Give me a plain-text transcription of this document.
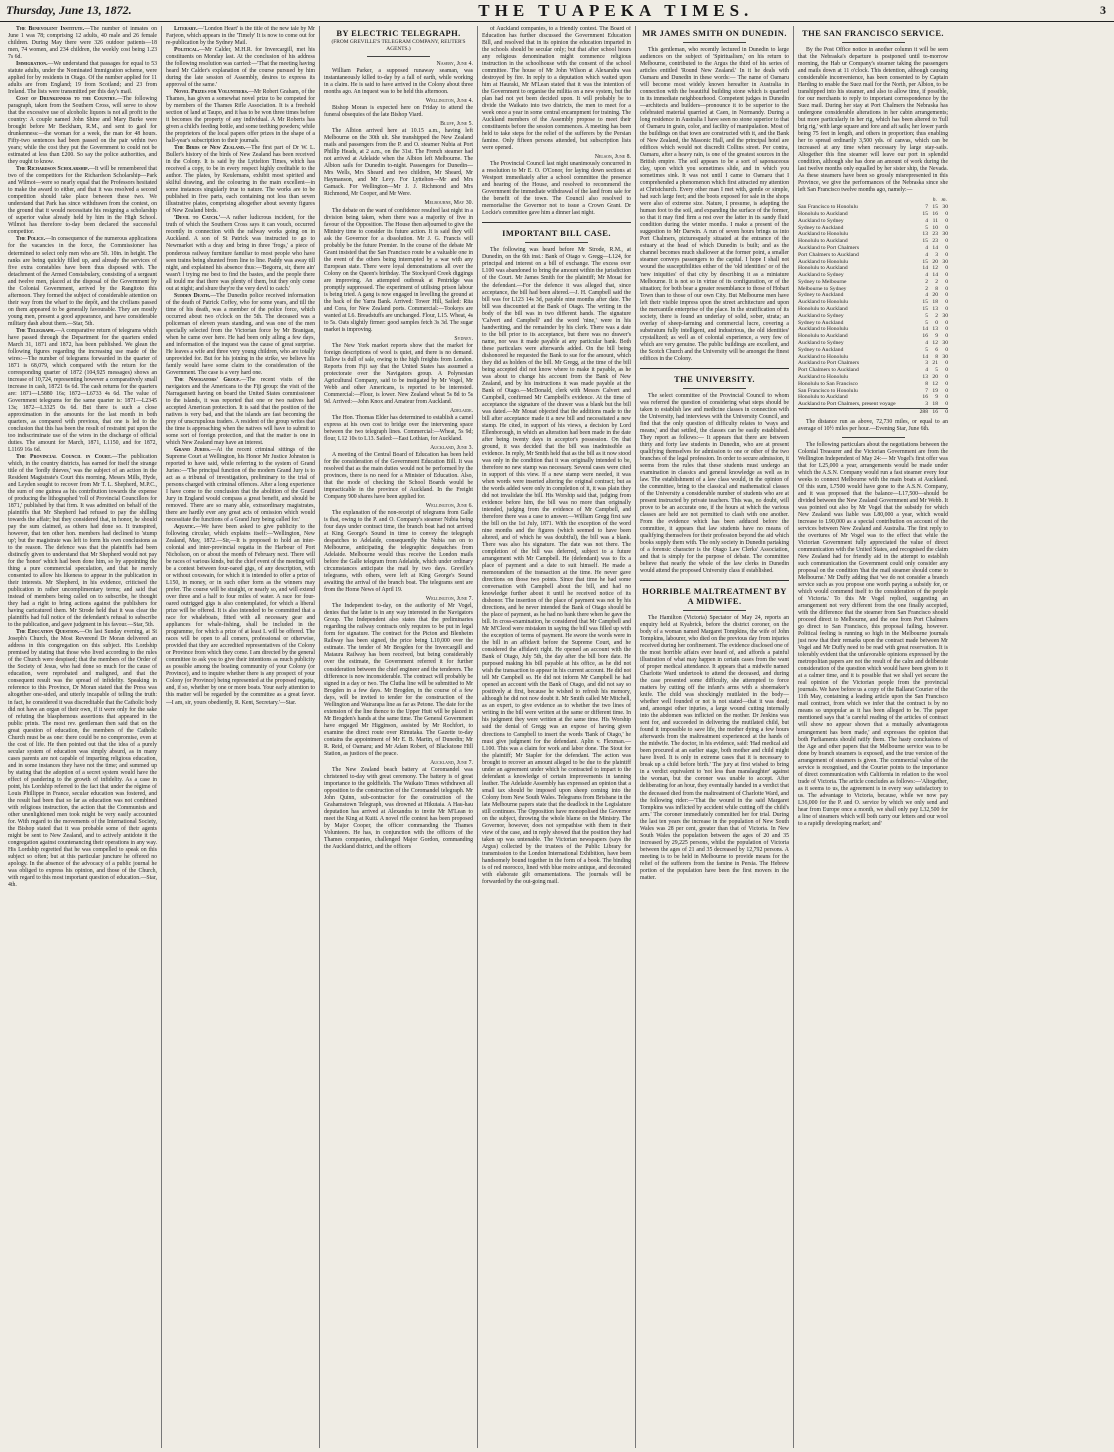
Thursday, June 13, 1872.	THE TUAPEKA TIMES.	3

The Benevolent Institute.—The number of inmates on June 1 was 78; comprising 12 adults, 40 male and 26 female children. During May there were 326 outdoor patients—18 men, 74 women, and 234 children, the weekly cost being 1.23 7s 6d.

Immigration.—We understand that passages for equal to 53 statute adults, under the Nominated Immigration scheme, were applied for by residents in Otago. Of the number applied for 11 adults are from England; 19 from Scotland; and 23 from Ireland. The lists were transmitted per this day's mail.

Cost of Drunkenness to the Country.—The following paragraph, taken from the Southern Cross, will serve to show that the excessive use of alcoholic liquors is not all profit to the country: A couple named John Shine and Mary Burke were brought before Mr Beckham, R.M., and sent to gaol for drunkenness:—the woman for a week, the man for 48 hours. Fifty-two sentences had been passed on the pair within two years; while the cost they put the Government to could not be estimated at less than £200. So say the police authorities, and they ought to know.

The Richardson Scholarship.—It will be remembered that two of the competitors for the Richardson Scholarship—Park and Wilmot—were so nearly equal that the Professors hesitated to make the award to either, and that it was resolved a second competition should take place between these two. We understand that Park has since withdrawn from the contest, on the ground that it would necessitate his resigning a scholarship of superior value already held by him in the High School. Wilmot has therefore to-day been declared the successful competitor.

The Police.—In consequence of the numerous applications for the vacancies in the force, the Commissioner has determined to select only men who are 5ft. 10in. in height. The ranks are being quickly filled up, and already the services of five extra constables have been thus disposed with. The detachment of the Armed Constabulary, consisting of a sergeant and twelve men, placed at the disposal of the Government by the Colonial Government, arrived by the Rangitoto this afternoon. They formed the subject of considerable attention on their way from the wharf to the depôt, and the civilians passed on them appeared to be generally favourable. They are mostly young men, present a good appearance, and have considerable military dash about them.—Star, 5th.

The Telegraph.—A comparative return of telegrams which have passed through the Department for the quarters ended March 31, 1871 and 1872, has been published. We glean the following figures regarding the increasing use made of the wires:—The number of telegrams forwarded in the quarter of 1871 is 68,079, which compared with the return for the corresponding quarter of 1872 (104,925 messages) shows an increase of 10,724, representing however a comparatively small increase in cash, 18721 6s 6d. The cash returns for the quarters are: 1871—L5880 16s; 1872—L6733 4s 6d. The value of Government telegrams for the same quarter is: 1871—L2345 13s; 1872—L3325 0s 6d. But there is such a close approximation in the amounts for the last month in both quarters, as compared with previous, that one is led to the conclusion that this has been the result of restraint put upon the too indiscriminate use of the wires in the discharge of official duties. The amount for March, 1871, L1150, and for 1872, L1169 16s 6d.

The Provincial Council in Court.—The publication which, in the country districts, has earned for itself the strange title of the 'lordly thieves,' was the subject of an action in the Resident Magistrate's Court this morning. Messrs Mills, Hyde, and Leyden sought to recover from Mr T. L. Shepherd, M.P.C., the sum of one guinea as his contribution towards the expense of producing the lithographed 'roll of Provincial Councillors for 1871,' published by that firm. It was admitted on behalf of the plaintiffs that Mr Shepherd had refused to pay the shilling towards the affair; but they considered that, in honor, he should pay the sum claimed, as others had done so. It transpired, however, that ten other hon. members had declined to 'stump up'; but the magistrate was left to form his own conclusions as to the reason. The defence was that the plaintiffs had been distinctly given to understand that Mr Shepherd would not pay for the 'honor' which had been done him, so by appointing the thing a pure commercial speculation, and that he merely consented to allow his likeness to appear in the publication in their interests. Mr Shepherd, in his evidence, criticised the publication in rather uncomplimentary terms; and said that instead of members being called on to subscribe, he thought they had a right to bring actions against the publishers for having caricatured them. Mr Strode held that it was clear the plaintiffs had full notice of the defendant's refusal to subscribe to the publication, and gave judgment in his favour.—Star, 5th.

The Education Question.—On last Sunday evening, at St Joseph's Church, the Most Reverend Dr Moran delivered an address in this congregation on this subject. His Lordship premised by stating that those who lived according to the rules of the Church were despised; that the members of the Order of the Society of Jesus, who had done so much for the cause of education, were reprobated and maligned, and that the consequent result was the spread of infidelity. Speaking in reference to this Province, Dr Moran stated that the Press was altogether one-sided, and utterly incapable of telling the truth: in fact, he considered it was discreditable that the Catholic body did not have an organ of their own, if it were only for the sake of refuting the blasphemous assertions that appeared in the public prints. The most rev. gentleman then said that on the great question of education, the members of the Catholic Church must be as one: there could be no compromise, even at the cost of life. He then pointed out that the idea of a purely secular system of education was simply absurd, as in many cases parents are not capable of imparting religious education, and in some instances they have not the time; and summed up by stating that the adoption of a secret system would have the effect of pandering to the growth of infidelity. As a case in point, his Lordship referred to the fact that under the régime of Louis Phillippe in France, secular education was fostered, and the result had been that so far as education was not combined with religious instruction, the action that the Communists and other unenlightened men took might be very easily accounted for. With regard to the movements of the International Society, the Bishop stated that it was probable some of their agents might be sent to New Zealand, and to actively antidote it the congregation against countenancing their operations in any way. His Lordship regretted that he was compelled to speak on this subject so often; but at this particular juncture he offered no apology. In the absence of the advocacy of a public journal he was obliged to express his opinion, and those of the Church, with regard to this most important question of education.—Star, 4th.

Literary.—'London Heart' is the title of the new tale by Mr Farjeon, which appears in the 'Timely' It is now to come out for re-publication by the Sydney Mail.

Political.—Mr Calder, M.H.R. for Invercargill, met his constituents on Monday last. At the conclusion of his address the following resolution was carried:—'That the meeting having heard Mr Calder's explanation of the course pursued by him during the late session of Assembly, desires to express its approval of the same.'

Novel Prizes for Volunteers.—Mr Robert Graham, of the Thames, has given a somewhat novel prize to be competed for by members of the Thames Rifle Association. It is a freehold section of land at Taupo, and it has to be won three times before it becomes the property of any individual. A Mr Roberts has given a child's feeding bottle, and some teething powders; while the proprietors of the local papers offer prizes in the shape of a half-year's subscription to their journals.

The Birds of New Zealand.—The first part of Dr W. L. Buller's history of the birds of New Zealand has been received in the Colony. It is said by the Lyttelton Times, which has received a copy, to be in every respect highly creditable to the author. The plates, by Keulemans, exhibit most spirited and skilful drawing, and the colouring in the main excellent—in some instances singularly true to nature. The works are to be published in five parts, each containing not less than seven illustrative plates, comprising altogether about seventy figures of New Zealand birds.

'Devil to Catch.'—A rather ludicrous incident, for the truth of which the Southern Cross says it can vouch, occurred recently in connection with the railway works going on in Auckland. A son of St Patrick was instructed to go to Newmarket with a dray and bring in three 'frogs,' a piece of ponderous railway furniture familiar to most people who have seen trains being shunted from line to line. Paddy was away till night, and explained his absence thus:—'Begorra, sir, there ain' wasn't l trying me best to find the bastes, and the people there all tould me that there was plenty of them, but they only come out at night; and shure they're the very devil to catch.'

Sudden Death.—The Dunedin police received information of the death of Patrick Coffey, who for some years, and till the time of his death, was a member of the police force, which occurred about two o'clock on the 5th. The deceased was a policeman of eleven years standing, and was one of the men specially selected from the Victorian force by Mr Branigan, when he came over here. He had been only ailing a few days, and information of the inquest was the cause of great surprise. He leaves a wife and three very young children, who are totally unprovided for. But for his joining in the strike, we believe his family would have some claim to the consideration of the Government. The case is a very hard one.

The Navigators' Group.—The recent visits of the navigators and the Americans to the Fiji group: the visit of the Narragansett having on board the United States commissioner to the islands, it was reported that one or two natives had accepted American protection. It is said that the position of the natives is very bad, and that the islands are fast becoming the prey of unscrupulous traders. A resident of the group writes that the time is approaching when the natives will have to submit to some sort of foreign protection, and that the matter is one in which New Zealand may have an interest.

Grand Juries.—At the recent criminal sittings of the Supreme Court at Wellington, his Honor Mr Justice Johnston is reported to have said, while referring to the system of Grand Juries:—'The principal function of the modern Grand Jury is to act as a tribunal of investigation, preliminary to the trial of persons charged with criminal offences. After a long experience I have come to the conclusion that the abolition of the Grand Jury in England would compass a great benefit, and should be removed. There are so many able, extraordinary magistrates, there are hardly ever any great acts of omission which would necessitate the functions of a Grand Jury being called for.'

Aquatic.—We have been asked to give publicity to the following circular, which explains itself:—'Wellington, New Zealand, May, 1872.—Sir,—It is proposed to hold an inter-colonial and inter-provincial regatta in the Harbour of Port Nicholson, on or about the month of February next. There will be races of various kinds, but the chief event of the meeting will be a contest between four-oared gigs, of any description, with or without coxswain, for which it is intended to offer a prize of L150, in money, or in such other form as the winners may prefer. The course will be straight, or nearly so, and will extend over three and a half to four miles of water. A race for four-oared outrigged gigs is also contemplated, for which a liberal prize will be offered. It is also intended to be committed that a race for whaleboats, fitted with all necessary gear and appliances for whale-fishing, shall be included in the programme, for which a prize of at least L will be offered. The races will be open to all comers, professional or otherwise, provided that they are accredited representatives of the Colony or Province from which they come. I am directed by the general committee to ask you to give their intentions as much publicity as possible among the boating community of your Colony (or Province), and to inquire whether there is any prospect of your Colony (or Province) being represented at the proposed regatta, and, if so, whether by one or more boats. Your early attention to this matter will be regarded by the committee as a great favor.—I am, sir, yours obediently, R. Kent, Secretary.'—Star.

BY ELECTRIC TELEGRAPH.
(FROM GREVILLE'S TELEGRAM COMPANY, REUTER'S AGENTS.)
Naseby, June 4.

William Parker, a supposed runaway seaman, was instantaneously killed to-day by a fall of earth, while working in a claim. He is said to have arrived in the Colony about three months ago. An inquest was to be held this afternoon.

Wellington, June 4.

Bishop Moran is expected here on Friday to attend the funeral obsequies of the late Bishop Viard.

Bluff, June 5.

The Albion arrived here at 10.15 a.m., having left Melbourne on the 30th ult. She transhipped the New Zealand mails and passengers from the P. and O. steamer Nubia at Port Phillip Heads, at 2 a.m., on the 31st. The French steamer had not arrived at Adelaide when the Albion left Melbourne. The Albion sails for Dunedin to-night. Passengers for Dunedin—Mrs Wells, Mrs Sheard and two children, Mr Sheard, Mr Haymanson, and Mr Levy. For Lyttelton—Mr and Mrs Gamack. For Wellington—Mr J. J. Richmond and Mrs Richmond, Mr Cooper, and Mr Were.

Melbourne, May 30.

The debate on the want of confidence resulted last night in a division being taken, when there was a majority of five in favour of the Opposition. The House then adjourned to give the Ministry time to consider its future action. It is said they will ask the Governor for a dissolution. Mr J. G. Francis will probably be the future Premier. In the course of the debate Mr Grant insisted that the San Francisco route be a valuable one in the event of the others being interrupted by a war with any European state. There were loyal demonstrations all over the Colony on the Queen's birthday. The Stockyard Creek diggings are improving. An attempted outbreak at Pentridge was promptly suppressed. The experiment of utilising prison labour is being tried. A gang is now engaged in levelling the ground at the back of the Yarra Bank. Arrived: Tower Hill, Sailed: Rita and Cora, for New Zealand ports. Commercial:—Tookeys are wanted at L6. Breadstuffs are unchanged. Flour, L15. Wheat, 4s to 5s. Oats slightly firmer: good samples fetch 3s 3d. The sugar market is improving.

Sydney.

The New York market reports show that the market for foreign descriptions of wool is quiet, and there is no demand. Tallow is dull of sale, owing to the high freights from London. Reports from Fiji say that the United States has assumed a protectorate over the Navigators group. A Polynesian Agricultural Company, said to be instigated by Mr Vogel, Mr Webb and other Americans, is reported to be interested. Commercial:—Flour, is lower. New Zealand wheat 5s 8d to 5s 9d. Arrived:—John Knox and Amateur from Auckland.

Adelaide.

The Hon. Thomas Elder has determined to establish a camel express at his own cost to bridge over the intervening space between the two telegraph lines. Commercial:—Wheat, 5s 9d; flour, L12 10s to L13. Sailed:—East Lothian, for Auckland.

Auckland, June 3.

A meeting of the Central Board of Education has been held for the consideration of the Government Education Bill. It was resolved that as the main duties would not be performed by the provinces, there is no need for a Minister of Education. Also, that the mode of checking the School Boards would be impracticable in the province of Auckland. In the Freight Company 900 shares have been applied for.

Wellington, June 6.

The explanation of the non-receipt of telegrams from Galle is that, owing to the P. and O. Company's steamer Nubia being four days under contract time, the branch boat had not arrived at King George's Sound in time to convey the telegraph despatches to Adelaide, consequently the Nubia ran on to Melbourne, anticipating the telegraphic despatches from Adelaide. Melbourne would thus receive the London mails before the Galle telegram from Adelaide, which under ordinary circumstances anticipate the mail by two days. Greville's telegrams, with others, were left at King George's Sound awaiting the arrival of the branch boat. The telegrams sent are from the Home News of April 19.

Wellington, June 7.

The Independent to-day, on the authority of Mr Vogel, denies that the latter is in any way interested in the Navigators Group. The Independent also states that the preliminaries regarding the railway contracts only requires to be put in legal form for signature. The contract for the Picton and Blenheim Railway has been signed, the price being L10,000 over the estimate. The tender of Mr Brogden for the Invercargill and Mataura Railway has been received, but being considerably over the estimate, the Government referred it for further consideration between the chief engineer and the tenderers. The difference is now inconsiderable. The contract will probably be signed in a day or two. The Clutha line will be submitted to Mr Brogden in a few days. Mr Brogden, in the course of a few days, will be invited to tender for the construction of the Wellington and Wairarapa line as far as Petone. The date for the extension of the line thence to the Upper Hutt will be placed in Mr Brogden's hands at the same time. The General Government have engaged Mr Higginson, assisted by Mr Rochfort, to examine the direct route over Rimutaka. The Gazette to-day contains the appointment of Mr E. B. Martin, of Dunedin; Mr R. Reid, of Oamaru; and Mr Adam Robert, of Blackstone Hill Station, as justices of the peace.

Auckland, June 7.

The New Zealand beach battery at Coromandel was christened to-day with great ceremony. The battery is of great importance to the goldfields. The Waikato Times withdrawn all opposition to the construction of the Coromandel telegraph. Mr John Quinn, sub-contractor for the construction of the Grahamstown Telegraph, was drowned at Hikutaia. A Hau-hau deputation has arrived at Alexandra to invite Mr M'Lean to meet the King at Kuiti. A novel rifle contest has been proposed by Major Cooper, the officer commanding the Thames Volunteers. He has, in conjunction with the officers of the Thames companies, challenged Major Gordon, commanding the Auckland district, and the officers

of Auckland companies, to a friendly contest. The Board of Education has further discussed the Government Education Bill, and resolved that in its opinion the education imparted in the schools should be secular only; but that after school hours any religious denomination might commence religious instruction in the schoolhouse with the consent of the school committee. The house of Mr John Wilson at Alexandra was destroyed by fire. In reply to a deputation which waited upon him at Hauraki, Mr M'Lean stated that it was the intention of the Government to organise the militia on a new system, but the plan had not yet been decided upon. It will probably be to divide the Waikato into two districts, the men to meet for a week once a year in some central encampment for training. The Auckland members of the Assembly propose to meet their constituents before the session commences. A meeting has been held to take steps for the relief of the sufferers by the Persian famine. Only fifteen persons attended, but subscription lists were opened.

Nelson, June 8.

The Provincial Council last night unanimously concurred in a resolution to Mr E. O. O'Conor, for laying down sections at Westport immediately after a school committee the presence and hearing of the House, and resolved to recommend the Government the immediate withdrawal of the land from sale for the benefit of the town. The Council also resolved to memorialise the Governor not to issue a Crown Grant. Dr Lockie's committee gave him a dinner last night.

IMPORTANT BILL CASE.

The following was heard before Mr Strode, R.M., at Dunedin, on the 6th inst.: Bank of Otago v. Gregg—L124, for principal and interest on a bill of exchange. The excess over L100 was abandoned to bring the amount within the jurisdiction of the Court. Mr James Smith for the plaintiff; Mr Mouat for the defendant.—For the defence it was alleged that, since acceptance, the bill had been altered.—J. H. Campbell said the bill was for L123 14s 3d, payable nine months after date. The bill was discounted at the Bank of Otago. The writing in the body of the bill was in two different hands. The signature 'Calvert and Campbell' and the word 'nine,' were in his handwriting, and the remainder by his clerk. There was a date to the bill prior to its acceptance, but there was no drawer's name, nor was it made payable at any particular bank. Both these particulars were afterwards added. On the bill being dishonored he requested the Bank to sue for the amount, which they did as holders of the bill. Mr Gregg, at the time of the bill being accepted did not know where to make it payable, as he was about to change his account from the Bank of New Zealand, and by his instructions it was made payable at the Bank of Otago.—McDonald, clerk with Messrs Calvert and Campbell, confirmed Mr Campbell's evidence. At the time of acceptance the signature of the drawer was a blank but the bill was dated.—Mr Mouat objected that the additions made to the bill after acceptance made it a new bill and necessitated a new stamp. He cited, in support of his views, a decision by Lord Ellenborough, in which an alteration had been made in the date after being twenty days in acceptor's possession. On that ground, it was decided that the bill was inadmissible as evidence. In reply, Mr Smith held that as the bill as it now stood was only in the condition that it was originally intended to be, therefore no new stamp was necessary. Several cases were cited in support of this view. If a new stamp were needed, it was when words were inserted altering the original contract; but as the words added were only in completion of it, it was plain they did not invalidate the bill. His Worship said that, judging from evidence before him, the bill was no more than originally intended, judging from the evidence of Mr Campbell, and therefore there was a case to answer.—William Gregg first saw the bill on the 1st July, 1871. With the exception of the word nine months and the figures (which seemed to have been altered, and of which he was doubtful), the bill was a blank. There was also his signature. The date was not there. The completion of the bill was deferred, subject to a future arrangement with Mr Campbell. He (defendant) was to fix a place of payment and a date to suit himself. He made a memorandum of the transaction at the time. He never gave directions on those two points. Since that time he had some conversation with Campbell about the bill, and had no knowledge further about it until he received notice of its dishonor. The insertion of the place of payment was not by his directions, and he never intended the Bank of Otago should be the place of payment, as he had no bank there when he gave the bill. In cross-examination, he considered that Mr Campbell and Mr M'Cleod were mistaken in saying the bill was filled up with the exception of terms of payment. He swore the words were in the bill in an affidavit before the Supreme Court, and he considered the affidavit right. He opened an account with the Bank of Otago, July 5th, the day after the bill bore date. He purposed making his bill payable at his office, as he did not wish the transaction to appear in his current account. He did not tell Mr Campbell so. He did not inform Mr Campbell he had opened an account with the Bank of Otago, and did not say so positively at first, because he wished to refresh his memory, although he did not now doubt it. Mr Smith called Mr Mitchell, as an expert, to give evidence as to whether the two lines of writing in the bill were written at the same or different time. In his judgment they were written at the same time. His Worship said the denial of Gregg was an expose of having given directions to Campbell to insert the words 'Bank of Otago,' he must give judgment for the defendant. Aplin v. Flexman.—L100. This was a claim for work and labor done. The Stout for the plaintiff; Mr Stapler for the defendant. The action was brought to recover an amount alleged to be due to the plaintiff under an agreement under which he contracted to impart to the defendant a knowledge of certain improvements in tanning leather. The Adelaide Assembly has expressed an opinion that a small tax should be imposed upon sheep coming into the Colony from New South Wales. Telegrams from Brisbane in the late Melbourne papers state that the deadlock in the Legislature still continues. The Opposition have monopolised the Governor on the subject, throwing the whole blame on the Ministry. The Governor, however, does not sympathise with them in their view of the case, and in reply showed that the position they had taken up was untenable. The Victorian newspapers (says the Argus) collected by the trustees of the Public Library for transmission to the London International Exhibition, have been handsomely bound together in the form of a book. The binding is of red morocco, lined with blue moire antique, and decorated with elaborate gilt ornamentations. The journals will be forwarded by the out-going mail.

MR JAMES SMITH ON DUNEDIN.

This gentleman, who recently lectured in Dunedin to large audiences on the subject of 'Spiritualism,' on his return to Melbourne, contributed to the Argus the third of his series of articles entitled 'Round New Zealand.' In it he deals with Oamaru and Dunedin in these words:— The name of Oamaru will become most widely known hereafter in Australia in connection with the beautiful building stone which is quarried in its immediate neighbourhood. Competent judges in Dunedin—architects and builders—pronounce it to be superior to the celebrated material quarried at Caen, in Normandy. During a long residence in Australia I have seen no stone superior to that of Oamaru in grain, color, and facility of manipulation. Most of the buildings on that town are constructed with it, and the Bank of New Zealand, the Masonic Hall, and the principal hotel are edifices which would not discredit Collins street. Per contra, Oamaru, after a heavy rain, is one of the greatest sources in the British empire. The soil appears to be a sort of saponaceous clay, upon which you sometimes slide, and in which you sometimes sink. It was not until I came to Oamaru that I comprehended a phenomenon which first attracted my attention at Christchurch. Every other man I met with, gentle or simple, had such large feet; and the boots exposed for sale in the shops were also of extreme size. Nature, I presume, is adapting the human foot to the soil, and expanding the surface of the former, so that it may find firm a rest over the latter in its sandy fluid condition during the winter months. I make a present of the suggestion to Mr Darwin. A run of seven hours brings us into Port Chalmers, picturesquely situated at the entrance of the estuary at the head of which Dunedin is built; and as the channel becomes much shallower at the former point, a smaller steamer conveys passengers to the capital. I hope I shall not wound the susceptibilities either of the 'old identities' or of the 'new iniquities' of that city by describing it as a miniature Melbourne. It is not so in virtue of its configuration, or of the situation; for both bear a greater resemblance to those of Hobart Town than to those of our own City. But Melbourne men have left their visible impress upon the street architecture and upon the mercantile enterprise of the place. In the stratification of its society, there is found an underlay of solid, sober, strata; an overlay of sheep-farming and commercial lucre, covering a substratum fully intelligent, and industrious, the old identities' crystallized; as well as of colonial experience, a very few of which are very genuine. The public buildings are excellent, and the Scotch Church and the University will be amongst the finest edifices in the Colony.

THE UNIVERSITY.

The select committee of the Provincial Council to whom was referred the question of considering what steps should be taken to establish law and medicine classes in connection with the University, had interviews with the University Council, and find that the only question of difficulty relates to 'ways and means,' and that settled, the classes can be easily established. They report as follows:— It appears that there are between thirty and forty law students in Dunedin, who are at present qualifying themselves for admission to one or other of the two branches of the legal profession. In order to secure admission, it seems from the rules that these students must undergo an examination in classics and general knowledge as well as in law. The establishment of a law class would, in the opinion of the committee, bring to the classical and mathematical classes of the University a considerable number of students who are at present instructed by private teachers. This was, no doubt, will prove to be an accurate one, if the hours at which the various classes are held are not permitted to clash with one another. From the evidence which has been adduced before the committee, it appears that law students have no means of qualifying themselves for their profession beyond the aid which books supply them with. The only society in Dunedin partaking of a forensic character is the Otago Law Clerks' Association, and that is simply for the purpose of debate. The committee believe that nearly the whole of the law clerks in Dunedin would attend the proposed University class if established.

HORRIBLE MALTREATMENT BY A MIDWIFE.

The Hamilton (Victoria) Spectator of May 24, reports an enquiry held at Kyabrick, before the district coroner, on the body of a woman named Margaret Tompkins, the wife of John Tompkins, labourer, who died on the previous day from injuries received during her confinement. The evidence disclosed one of the most horrible affairs ever heard of, and affords a painful illustration of what may happen in certain cases from the want of proper medical attendance. It appears that a midwife named Charlotte Ward undertook to attend the deceased, and during the case presented some difficulty, she attempted to force matters by cutting off the infant's arms with a shoemaker's knife. The child was shockingly mutilated in the body—whether well founded or not is not stated—that it was dead; and, amongst other injuries, a large wound cutting internally into the abdomen was inflicted on the mother. Dr Jenkins was sent for, and succeeded in delivering the mutilated child, but found it impossible to save life, the mother dying a few hours afterwards from the maltreatment experienced at the hands of the midwife. The doctor, in his evidence, said: 'Had medical aid been procured at an earlier stage, both mother and child might have lived. It is only in extreme cases that it is necessary to break up a child before birth.' The jury at first wished to bring in a verdict equivalent to 'not less than manslaughter' against the woman, but the coroner was unable to accept. After deliberating for an hour, they eventually handed in a verdict that the deceased died from the maltreatment of Charlotte Ward, and the following rider:—'That the wound in the said Margaret Tompkins was inflicted by accident while cutting off the child's arm.' The coroner immediately committed her for trial. During the last ten years the increase in the population of New South Wales was 28 per cent, greater than that of Victoria. In New South Wales the population between the ages of 20 and 35 increased by 29,225 persons, whilst the population of Victoria between the ages of 21 and 35 decreased by 12,792 persons. A meeting is to be held in Melbourne to provide means for the relief of the sufferers from the famine in Persia. The Hebrew portion of the population have been the first movers in the matter.

THE SAN FRANCISCO SERVICE.

By the Post Office notice in another column it will be seen that the Nebraska's departure is postponed until to-morrow morning, the Hab ur Company's steamer taking the passengers and mails down at 11 o'clock. This detention, although causing considerable inconvenience, has been consented to by Captain Harding to enable the Suez mail for the North, per Albion, to be transhipped into his steamer, and also to allow time, if possible, for our merchants to reply to important correspondence by the Suez mail. During her stay at Port Chalmers the Nebraska has undergone considerable alterations in her cabin arrangements; but more particularly in her rig, which has been altered to 'full brig rig,' with large square and fore and aft sails; her lower yards being 75 feet in length, and others in proportion; thus enabling her to spread ordinarily 3,500 yds. of canvas, which can be increased at any time when necessary by large stay-sails. Altogether this fine steamer will leave our port in splendid condition, although she has done an amount of work during the last twelve months only equalled by her sister ship, the Nevada. As these steamers have been so grossly misrepresented in this Province, we give the performances of the Nebraska since she left San Francisco twelve months ago, namely:—

		h.	m.
San Francisco to Honolulu	7	15	30
Honolulu to Auckland	15	16	0
Auckland to Sydney	4	11	0
Sydney to Auckland	5	10	0
Auckland to Honolulu	13	23	30
Honolulu to Auckland	15	23	0
Auckland to Port Chalmers	4	14	0
Port Chalmers to Auckland	4	3	0
Auckland to Honolulu	15	20	30
Honolulu to Auckland	14	12	0
Auckland to Sydney	4	14	0
Sydney to Melbourne	2	2	0
Melbourne to Sydney	2	8	0
Sydney to Auckland	4	20	0
Auckland to Honolulu	15	18	0
Honolulu to Auckland	15	13	0
Auckland to Sydney	5	2	30
Sydney to Auckland	5	0	0
Auckland to Honolulu	14	13	0
Honolulu to Auckland	16	9	0
Auckland to Sydney	4	12	30
Sydney to Auckland	5	6	0
Auckland to Honolulu	14	8	30
Auckland to Port Chalmers	3	21	0
Port Chalmers to Auckland	4	5	0
Auckland to Honolulu	13	20	0
Honolulu to San Francisco	8	12	0
San Francisco to Honolulu	7	19	0
Honolulu to Auckland	16	9	0
Auckland to Port Chalmers, present voyage	3	18	0
	288	16	0

The distance run as above, 72,730 miles, or equal to an average of 10½ miles per hour.—Evening Star, June 6th.

The following particulars about the negotiations between the Colonial Treasurer and the Victorian Government are from the Wellington Independent of May 24:— Mr Vogel's first offer was that for L25,000 a year, arrangements would be made under which the A.S.N. Company would run a fast steamer every four weeks to connect Melbourne with the main boats at Auckland. Of this sum, L7500 would have gone to the A.S.N. Company, and it was proposed that the balance—L17,500—should be divided between the New Zealand Government and Mr Webb. It was pointed out also by Mr Vogel that the subsidy for which New Zealand was liable was L80,000 a year, which would increase to L90,000 as a special contribution on account of the services between New Zealand and Australia. The first reply to the overtures of Mr Vogel was to the effect that while the Victorian Government fully appreciated the value of direct communication with the United States, and recognised the claim New Zealand had for friendly aid in the attempt to establish such communication the Government could only consider any proposal on the condition 'that the mail steamer should come to Melbourne.' Mr Duffy adding that 'we do not consider a branch service such as you propose one worth paying a subsidy for, or which would commend itself to the consideration of the people of Victoria.' To this Mr Vogel replied, suggesting an arrangement not very different from the one finally accepted, with the difference that the steamer from San Francisco should proceed direct to Melbourne, and the one from Port Chalmers go direct to San Francisco, this proposal failing, however. Political feeling is running so high in the Melbourne journals just now that their remarks upon the contract made between Mr Vogel and Mr Duffy need to be read with great reservation. It is tolerably evident that the unfavorable opinions expressed by the metropolitan papers are not the result of the calm and deliberate consideration of the question which would have been given to it at a calmer time, and it is possible that we shall yet secure the real opinion of the Victorian people from the provincial journals. We have before us a copy of the Ballarat Courier of the 11th May, containing a leading article upon the San Francisco mail contract, from which we infer that the contract is by no means so unpopular as it has been alleged to be. The paper mentioned says that 'a careful reading of the articles of contract will show no appear shown that a mutually advantageous arrangement has been made,' and expresses the opinion that both Parliaments should ratify them. The hasty conclusions of the Age and other papers that the Melbourne service was to be done by branch steamers is exposed, and the true version of the arrangement of steamers is given. The commercial value of the service is recognised, and the Courier points to the importance of direct communication with California in relation to the wool trade of Victoria. The article concludes as follows:—'Altogether, as it seems to us, the agreement is in every way satisfactory to us. The advantage to Victoria, because, while we now pay L36,000 for the P. and O. service by which we only send and hear from Europe once a month, we shall only pay L32,500 for a line of steamers which will both carry our letters and our wool to a rapidly developing market; and'
